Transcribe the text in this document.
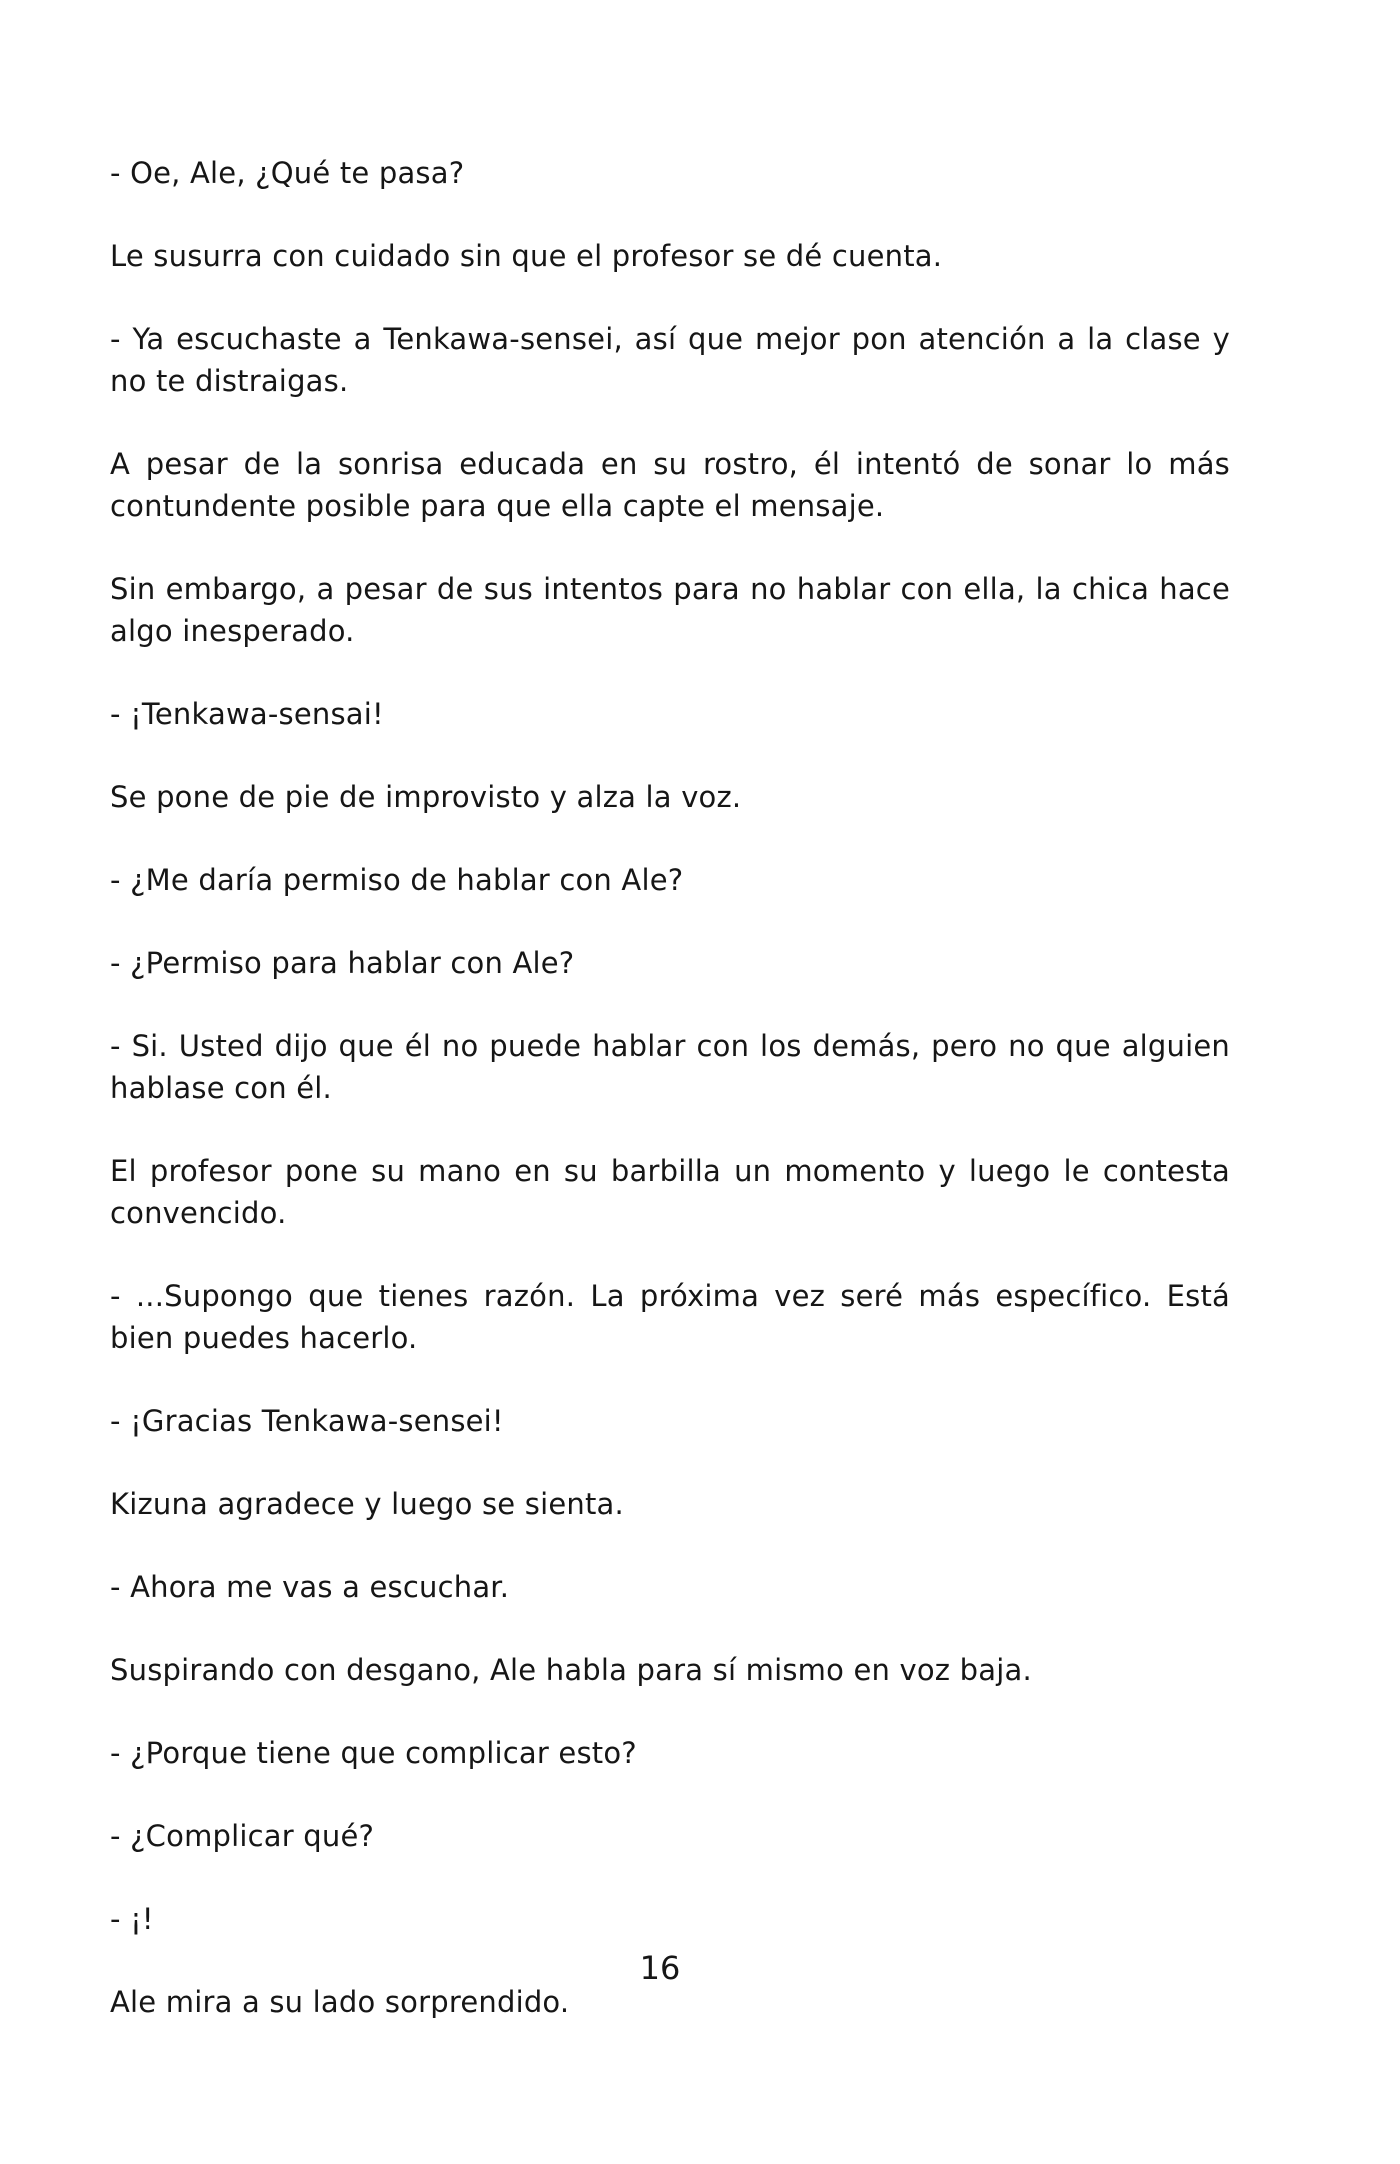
- Oe, Ale, ¿Qué te pasa?

Le susurra con cuidado sin que el profesor se dé cuenta.

- Ya escuchaste a Tenkawa-sensei, así que mejor pon atención a la clase y no te distraigas.

A pesar de la sonrisa educada en su rostro, él intentó de sonar lo más contundente posible para que ella capte el mensaje.

Sin embargo, a pesar de sus intentos para no hablar con ella, la chica hace algo inesperado.

- ¡Tenkawa-sensai!

Se pone de pie de improvisto y alza la voz.

- ¿Me daría permiso de hablar con Ale?

- ¿Permiso para hablar con Ale?

- Si. Usted dijo que él no puede hablar con los demás, pero no que alguien hablase con él.

El profesor pone su mano en su barbilla un momento y luego le contesta convencido.

- ...Supongo que tienes razón. La próxima vez seré más específico. Está bien puedes hacerlo.

- ¡Gracias Tenkawa-sensei!

Kizuna agradece y luego se sienta.

- Ahora me vas a escuchar.

Suspirando con desgano, Ale habla para sí mismo en voz baja.

- ¿Porque tiene que complicar esto?

- ¿Complicar qué?

- ¡!

Ale mira a su lado sorprendido.

16
